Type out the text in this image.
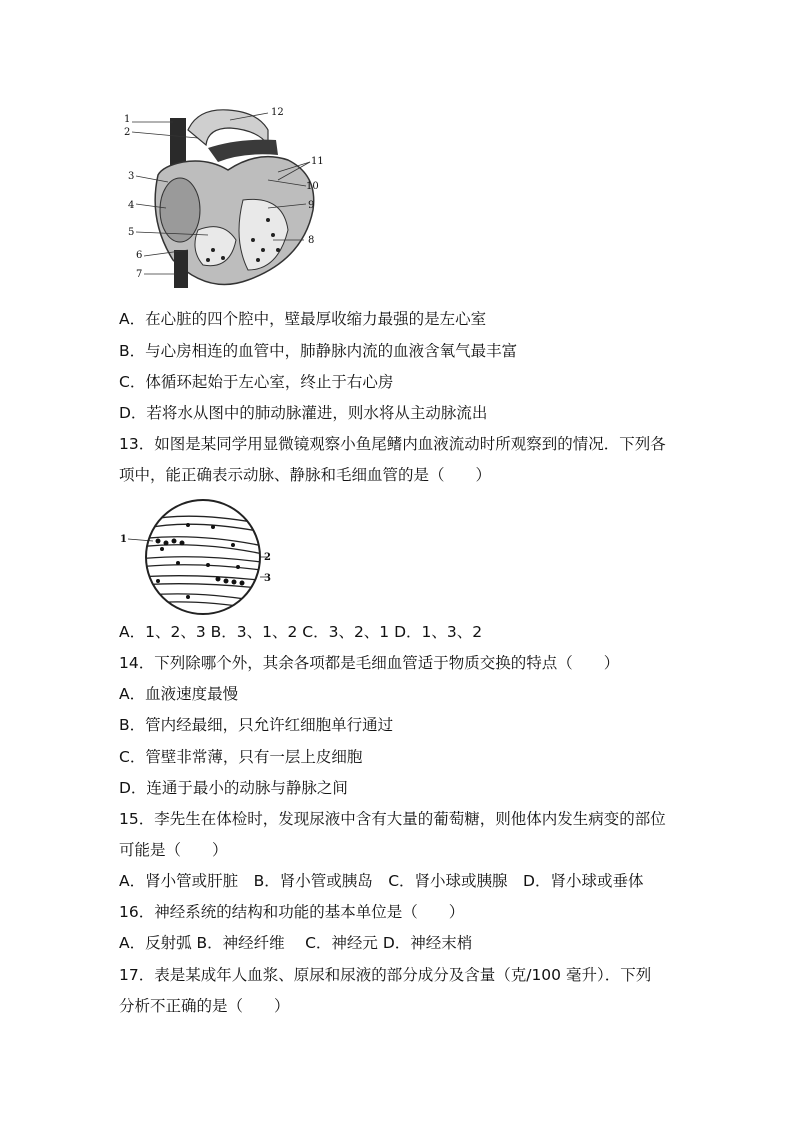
1
2
3
4
5
6
7
8
9
10
11
12
A．在心脏的四个腔中，壁最厚收缩力最强的是左心室
B．与心房相连的血管中，肺静脉内流的血液含氧气最丰富
C．体循环起始于左心室，终止于右心房
D．若将水从图中的肺动脉灌进，则水将从主动脉流出
13．如图是某同学用显微镜观察小鱼尾鳍内血液流动时所观察到的情况．下列各
项中，能正确表示动脉、静脉和毛细血管的是（　　）
1
2
3
A．1、2、3 B．3、1、2 C．3、2、1 D．1、3、2
14．下列除哪个外，其余各项都是毛细血管适于物质交换的特点（　　）
A．血液速度最慢
B．管内经最细，只允许红细胞单行通过
C．管壁非常薄，只有一层上皮细胞
D．连通于最小的动脉与静脉之间
15．李先生在体检时，发现尿液中含有大量的葡萄糖，则他体内发生病变的部位
可能是（　　）
A．肾小管或肝脏　B．肾小管或胰岛　C．肾小球或胰腺　D．肾小球或垂体
16．神经系统的结构和功能的基本单位是（　　）
A．反射弧 B．神经纤维　 C．神经元 D．神经末梢
17．表是某成年人血浆、原尿和尿液的部分成分及含量（克/100 毫升）．下列
分析不正确的是（　　）
